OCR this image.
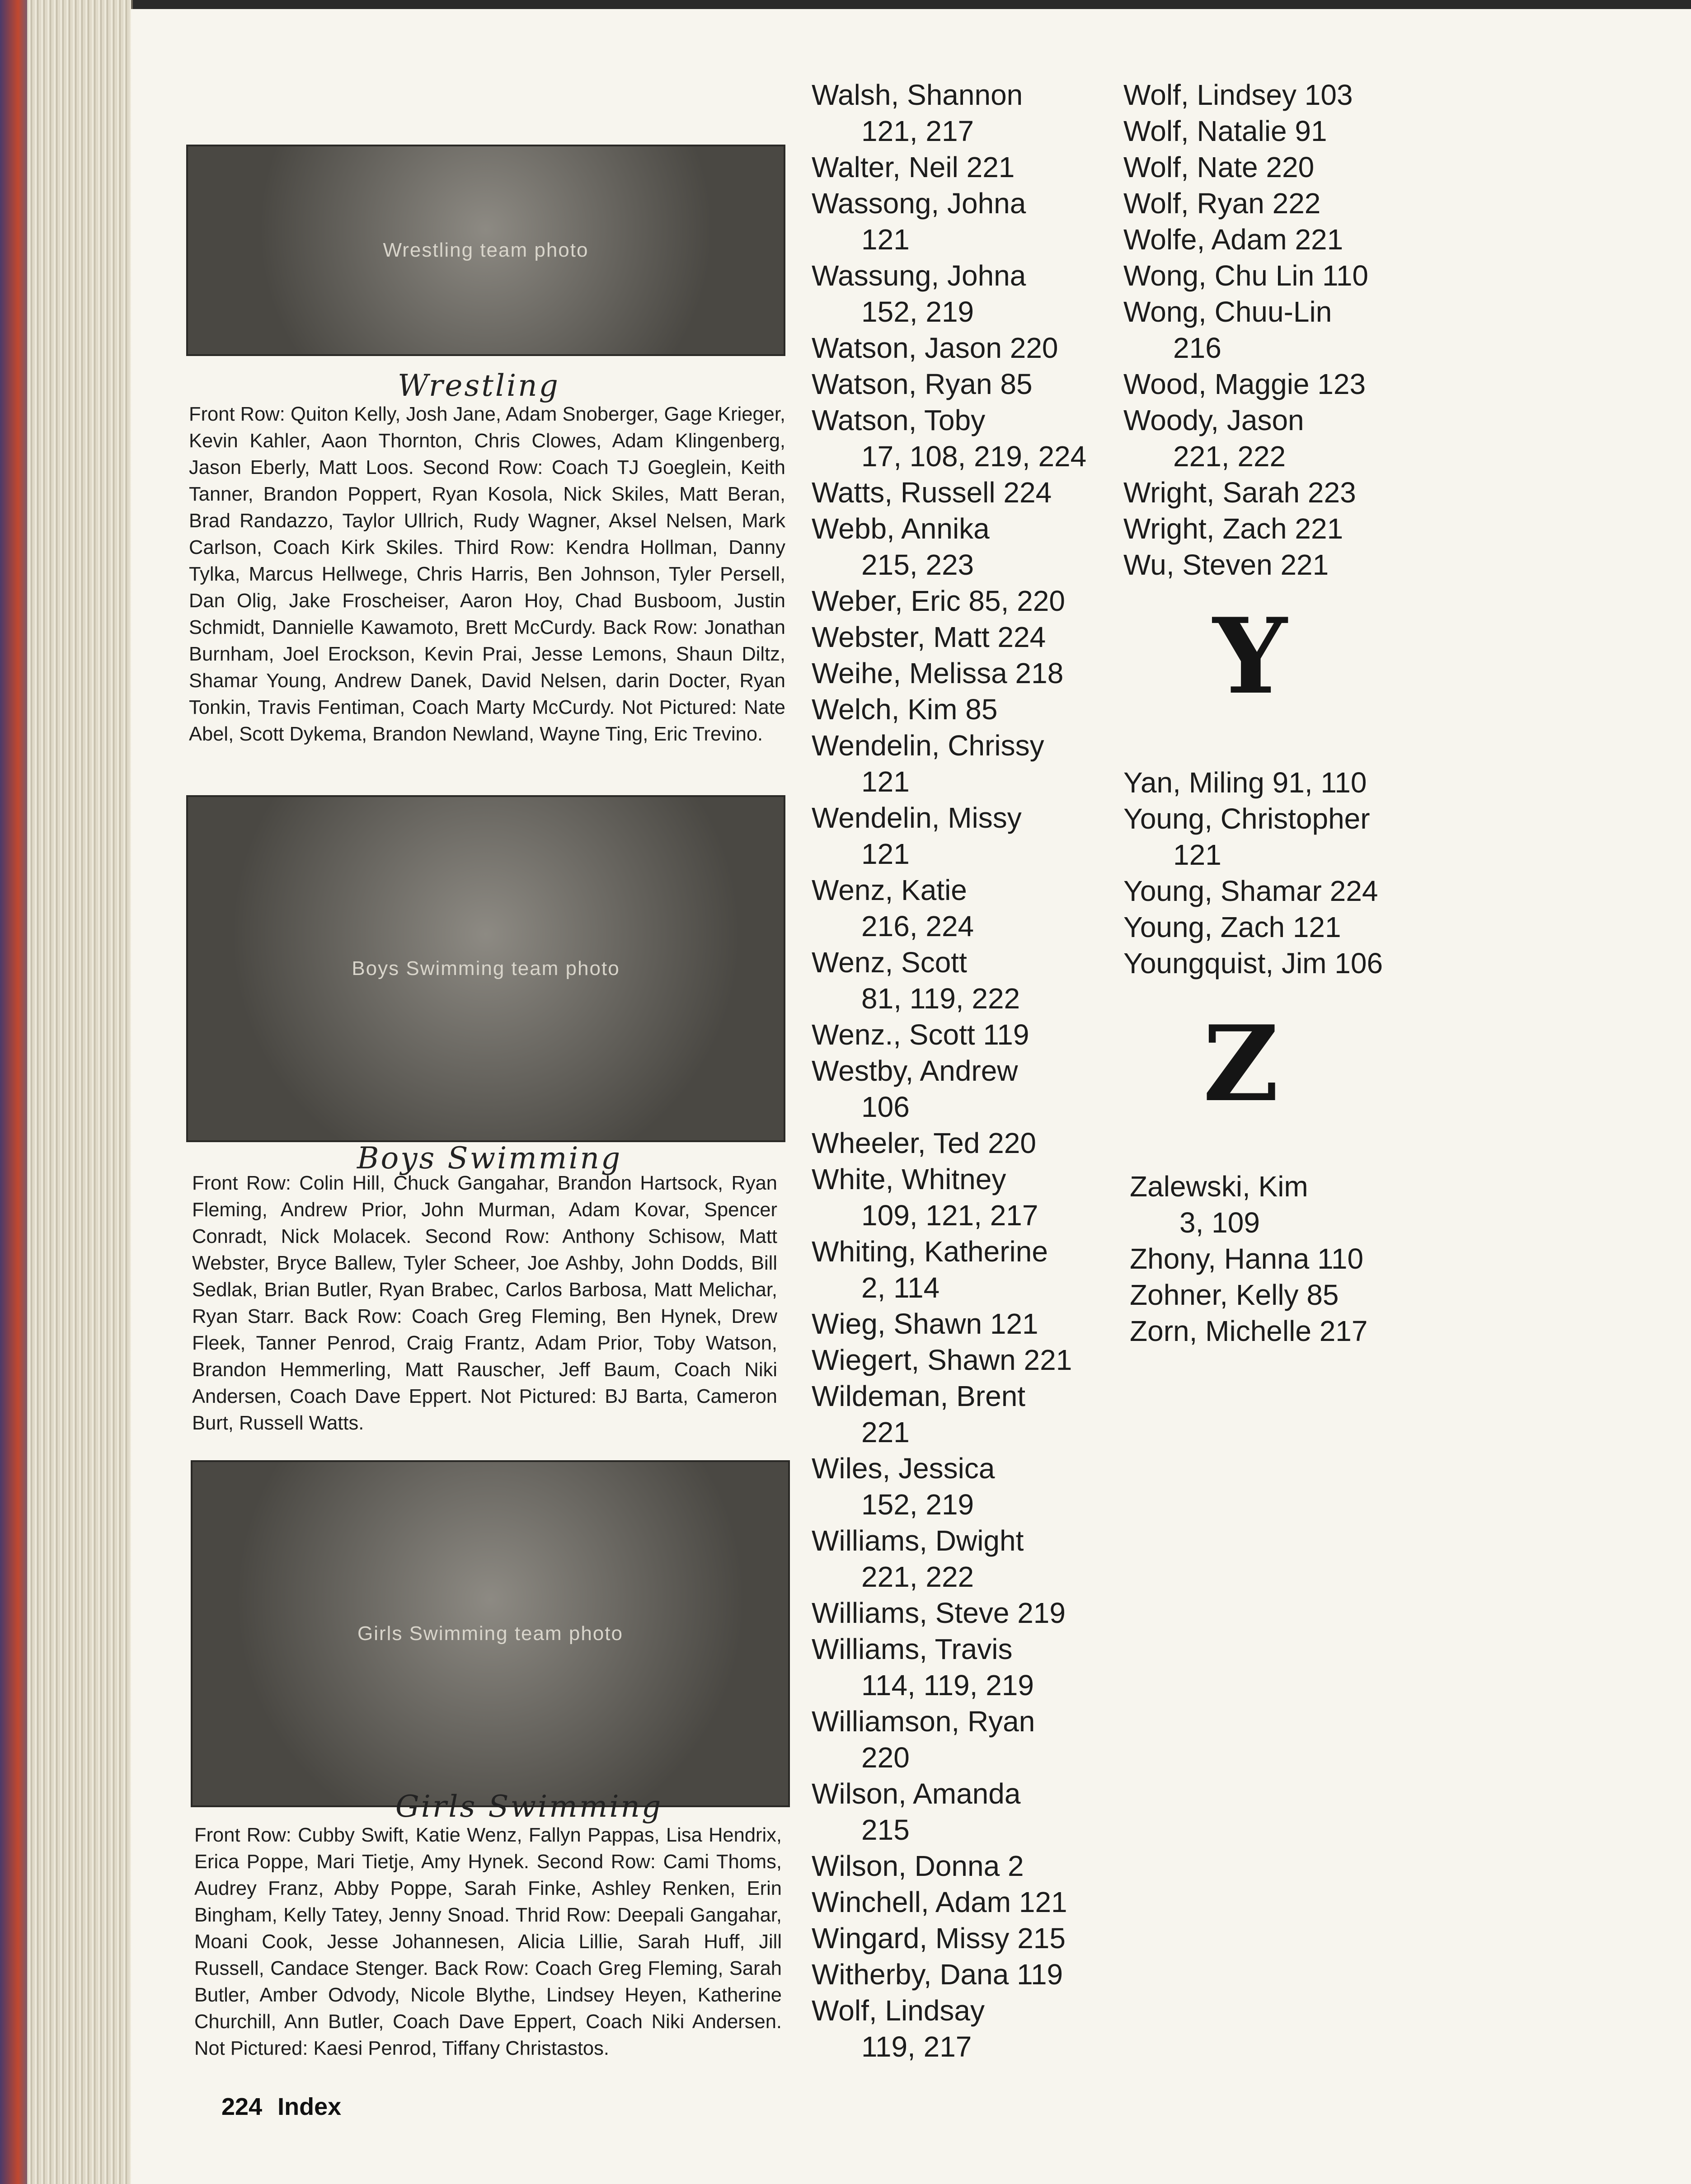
Wrestling team photo
Wrestling
Front Row: Quiton Kelly, Josh Jane, Adam Snoberger, Gage Krieger, Kevin Kahler, Aaon Thornton, Chris Clowes, Adam Klingenberg, Jason Eberly, Matt Loos. Second Row: Coach TJ Goeglein, Keith Tanner, Brandon Poppert, Ryan Kosola, Nick Skiles, Matt Beran, Brad Randazzo, Taylor Ullrich, Rudy Wagner, Aksel Nelsen, Mark Carlson, Coach Kirk Skiles. Third Row: Kendra Hollman, Danny Tylka, Marcus Hellwege, Chris Harris, Ben Johnson, Tyler Persell, Dan Olig, Jake Froscheiser, Aaron Hoy, Chad Busboom, Justin Schmidt, Dannielle Kawamoto, Brett McCurdy. Back Row: Jonathan Burnham, Joel Erockson, Kevin Prai, Jesse Lemons, Shaun Diltz, Shamar Young, Andrew Danek, David Nelsen, darin Docter, Ryan Tonkin, Travis Fentiman, Coach Marty McCurdy. Not Pictured: Nate Abel, Scott Dykema, Brandon Newland, Wayne Ting, Eric Trevino.
Boys Swimming team photo
Boys Swimming
Front Row: Colin Hill, Chuck Gangahar, Brandon Hartsock, Ryan Fleming, Andrew Prior, John Murman, Adam Kovar, Spencer Conradt, Nick Molacek. Second Row: Anthony Schisow, Matt Webster, Bryce Ballew, Tyler Scheer, Joe Ashby, John Dodds, Bill Sedlak, Brian Butler, Ryan Brabec, Carlos Barbosa, Matt Melichar, Ryan Starr. Back Row: Coach Greg Fleming, Ben Hynek, Drew Fleek, Tanner Penrod, Craig Frantz, Adam Prior, Toby Watson, Brandon Hemmerling, Matt Rauscher, Jeff Baum, Coach Niki Andersen, Coach Dave Eppert. Not Pictured: BJ Barta, Cameron Burt, Russell Watts.
Girls Swimming team photo
Girls Swimming
Front Row: Cubby Swift, Katie Wenz, Fallyn Pappas, Lisa Hendrix, Erica Poppe, Mari Tietje, Amy Hynek. Second Row: Cami Thoms, Audrey Franz, Abby Poppe, Sarah Finke, Ashley Renken, Erin Bingham, Kelly Tatey, Jenny Snoad. Thrid Row: Deepali Gangahar, Moani Cook, Jesse Johannesen, Alicia Lillie, Sarah Huff, Jill Russell, Candace Stenger. Back Row: Coach Greg Fleming, Sarah Butler, Amber Odvody, Nicole Blythe, Lindsey Heyen, Katherine Churchill, Ann Butler, Coach Dave Eppert, Coach Niki Andersen. Not Pictured: Kaesi Penrod, Tiffany Christastos.
Walsh, Shannon
121, 217
Walter, Neil 221
Wassong, Johna
121
Wassung, Johna
152, 219
Watson, Jason 220
Watson, Ryan 85
Watson, Toby
17, 108, 219, 224
Watts, Russell 224
Webb, Annika
215, 223
Weber, Eric 85, 220
Webster, Matt 224
Weihe, Melissa 218
Welch, Kim 85
Wendelin, Chrissy
121
Wendelin, Missy
121
Wenz, Katie
216, 224
Wenz, Scott
81, 119, 222
Wenz., Scott 119
Westby, Andrew
106
Wheeler, Ted 220
White, Whitney
109, 121, 217
Whiting, Katherine
2, 114
Wieg, Shawn 121
Wiegert, Shawn 221
Wildeman, Brent
221
Wiles, Jessica
152, 219
Williams, Dwight
221, 222
Williams, Steve 219
Williams, Travis
114, 119, 219
Williamson, Ryan
220
Wilson, Amanda
215
Wilson, Donna 2
Winchell, Adam 121
Wingard, Missy 215
Witherby, Dana 119
Wolf, Lindsay
119, 217
Wolf, Lindsey 103
Wolf, Natalie 91
Wolf, Nate 220
Wolf, Ryan 222
Wolfe, Adam 221
Wong, Chu Lin 110
Wong, Chuu-Lin
216
Wood, Maggie 123
Woody, Jason
221, 222
Wright, Sarah 223
Wright, Zach 221
Wu, Steven 221
Y
Yan, Miling 91, 110
Young, Christopher
121
Young, Shamar 224
Young, Zach 121
Youngquist, Jim 106
Z
Zalewski, Kim
3, 109
Zhony, Hanna 110
Zohner, Kelly 85
Zorn, Michelle 217
224 Index
